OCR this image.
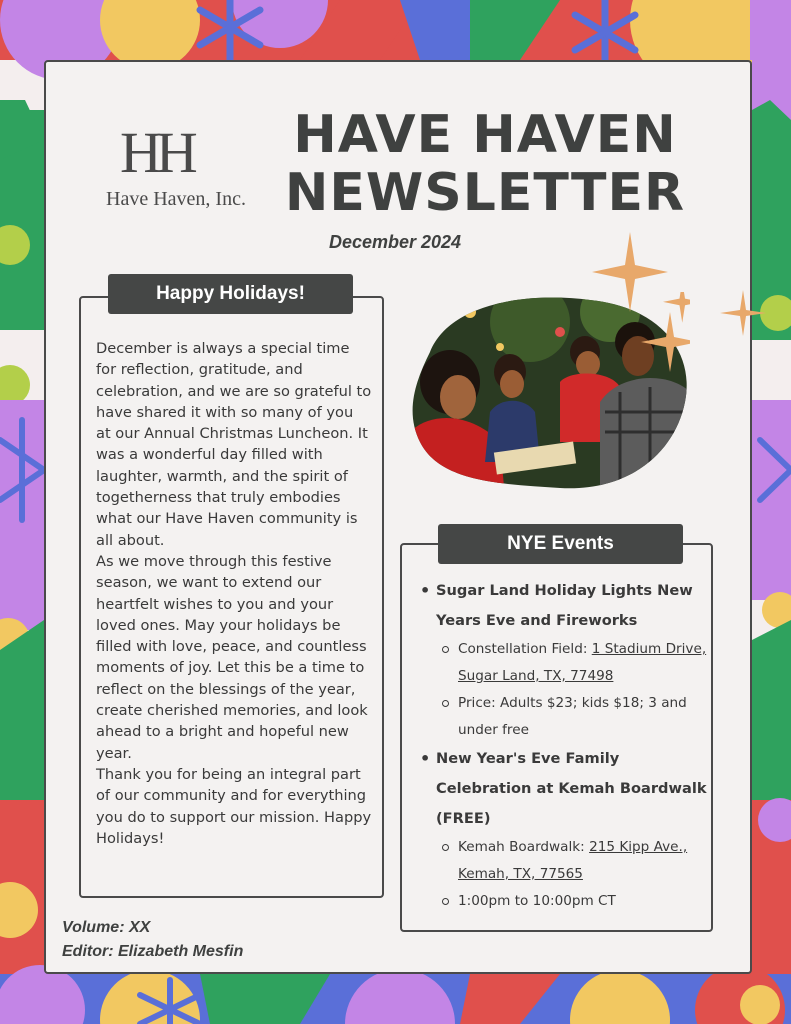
HH
Have Haven, Inc.
HAVE HAVEN
NEWSLETTER
December 2024
Happy Holidays!

December is always a special time for reflection, gratitude, and celebration, and we are so grateful to have shared it with so many of you at our Annual Christmas Luncheon. It was a wonderful day filled with laughter, warmth, and the spirit of togetherness that truly embodies what our Have Haven community is all about.

As we move through this festive season, we want to extend our heartfelt wishes to you and your loved ones. May your holidays be filled with love, peace, and countless moments of joy. Let this be a time to reflect on the blessings of the year, create cherished memories, and look ahead to a bright and hopeful new year.

Thank you for being an integral part of our community and for everything you do to support our mission. Happy Holidays!

NYE Events
• Sugar Land Holiday Lights New Years Eve and Fireworks
Constellation Field: 1 Stadium Drive, Sugar Land, TX, 77498
Price: Adults $23; kids $18; 3 and under free
• New Year's Eve Family Celebration at Kemah Boardwalk (FREE)
Kemah Boardwalk: 215 Kipp Ave., Kemah, TX, 77565
1:00pm to 10:00pm CT
Volume: XX
Editor: Elizabeth Mesfin
